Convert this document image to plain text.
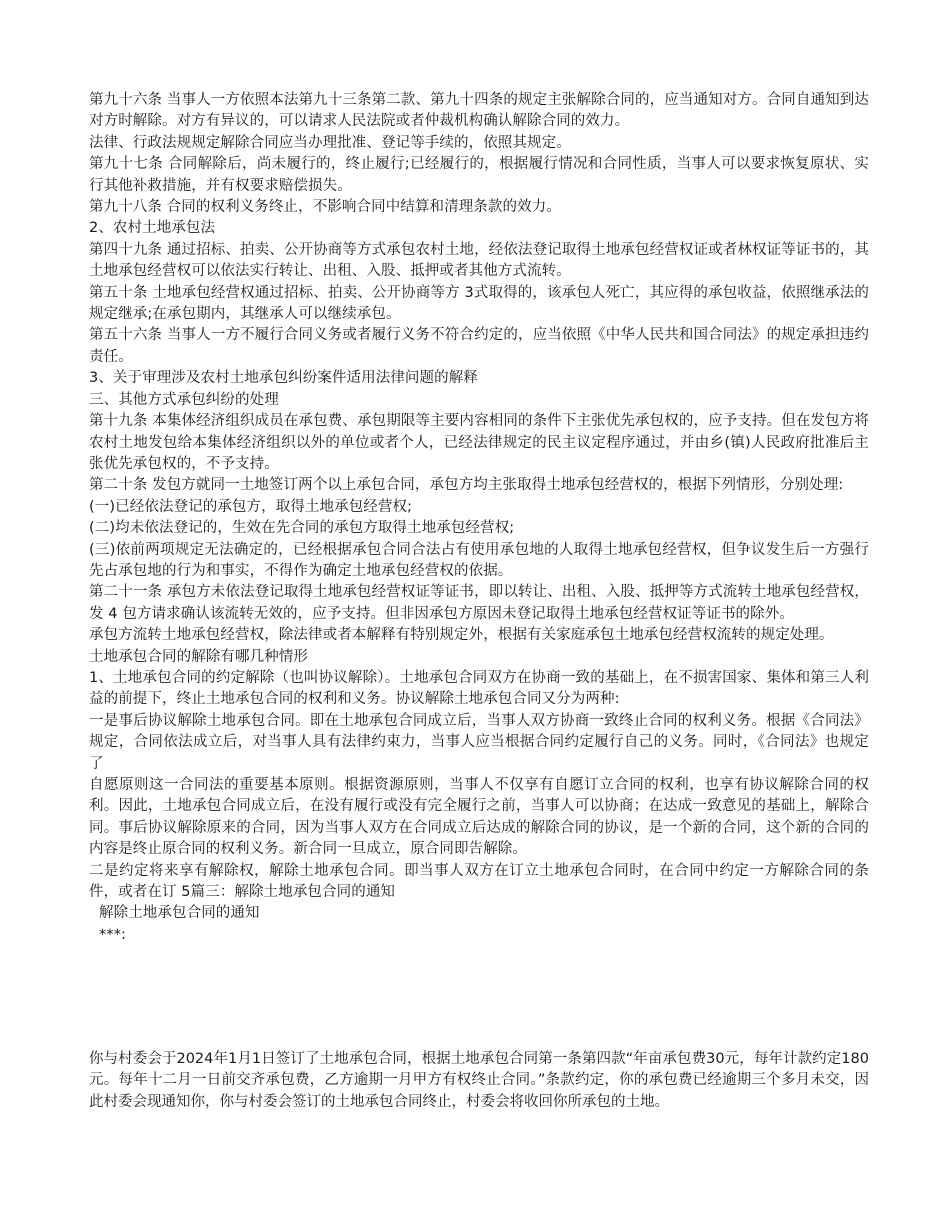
第九十六条 当事人一方依照本法第九十三条第二款、第九十四条的规定主张解除合同的，应当通知对方。合同自通知到达对方时解除。对方有异议的，可以请求人民法院或者仲裁机构确认解除合同的效力。

法律、行政法规规定解除合同应当办理批准、登记等手续的，依照其规定。

第九十七条 合同解除后，尚未履行的，终止履行;已经履行的，根据履行情况和合同性质，当事人可以要求恢复原状、实行其他补救措施，并有权要求赔偿损失。

第九十八条 合同的权利义务终止，不影响合同中结算和清理条款的效力。

2、农村土地承包法

第四十九条 通过招标、拍卖、公开协商等方式承包农村土地，经依法登记取得土地承包经营权证或者林权证等证书的，其土地承包经营权可以依法实行转让、出租、入股、抵押或者其他方式流转。

第五十条 土地承包经营权通过招标、拍卖、公开协商等方 3式取得的，该承包人死亡，其应得的承包收益，依照继承法的规定继承;在承包期内，其继承人可以继续承包。

第五十六条 当事人一方不履行合同义务或者履行义务不符合约定的，应当依照《中华人民共和国合同法》的规定承担违约责任。

3、关于审理涉及农村土地承包纠纷案件适用法律问题的解释

三、其他方式承包纠纷的处理

第十九条 本集体经济组织成员在承包费、承包期限等主要内容相同的条件下主张优先承包权的，应予支持。但在发包方将农村土地发包给本集体经济组织以外的单位或者个人，已经法律规定的民主议定程序通过，并由乡(镇)人民政府批准后主张优先承包权的，不予支持。

第二十条 发包方就同一土地签订两个以上承包合同，承包方均主张取得土地承包经营权的，根据下列情形，分别处理:

(一)已经依法登记的承包方，取得土地承包经营权;

(二)均未依法登记的，生效在先合同的承包方取得土地承包经营权;

(三)依前两项规定无法确定的，已经根据承包合同合法占有使用承包地的人取得土地承包经营权，但争议发生后一方强行先占承包地的行为和事实，不得作为确定土地承包经营权的依据。

第二十一条 承包方未依法登记取得土地承包经营权证等证书，即以转让、出租、入股、抵押等方式流转土地承包经营权，发 4 包方请求确认该流转无效的，应予支持。但非因承包方原因未登记取得土地承包经营权证等证书的除外。

承包方流转土地承包经营权，除法律或者本解释有特别规定外，根据有关家庭承包土地承包经营权流转的规定处理。

土地承包合同的解除有哪几种情形

1、土地承包合同的约定解除（也叫协议解除）。土地承包合同双方在协商一致的基础上，在不损害国家、集体和第三人利益的前提下，终止土地承包合同的权利和义务。协议解除土地承包合同又分为两种:

一是事后协议解除土地承包合同。即在土地承包合同成立后，当事人双方协商一致终止合同的权利义务。根据《合同法》规定，合同依法成立后，对当事人具有法律约束力，当事人应当根据合同约定履行自己的义务。同时，《合同法》也规定了

自愿原则这一合同法的重要基本原则。根据资源原则，当事人不仅享有自愿订立合同的权利，也享有协议解除合同的权利。因此，土地承包合同成立后，在没有履行或没有完全履行之前，当事人可以协商；在达成一致意见的基础上，解除合同。事后协议解除原来的合同，因为当事人双方在合同成立后达成的解除合同的协议，是一个新的合同，这个新的合同的内容是终止原合同的权利义务。新合同一旦成立，原合同即告解除。

二是约定将来享有解除权，解除土地承包合同。即当事人双方在订立土地承包合同时，在合同中约定一方解除合同的条件，或者在订 5篇三：解除土地承包合同的通知

解除土地承包合同的通知

***:

你与村委会于2024年1月1日签订了土地承包合同，根据土地承包合同第一条第四款“年亩承包费30元，每年计款约定180元。每年十二月一日前交齐承包费，乙方逾期一月甲方有权终止合同。”条款约定，你的承包费已经逾期三个多月未交，因此村委会现通知你，你与村委会签订的土地承包合同终止，村委会将收回你所承包的土地。
